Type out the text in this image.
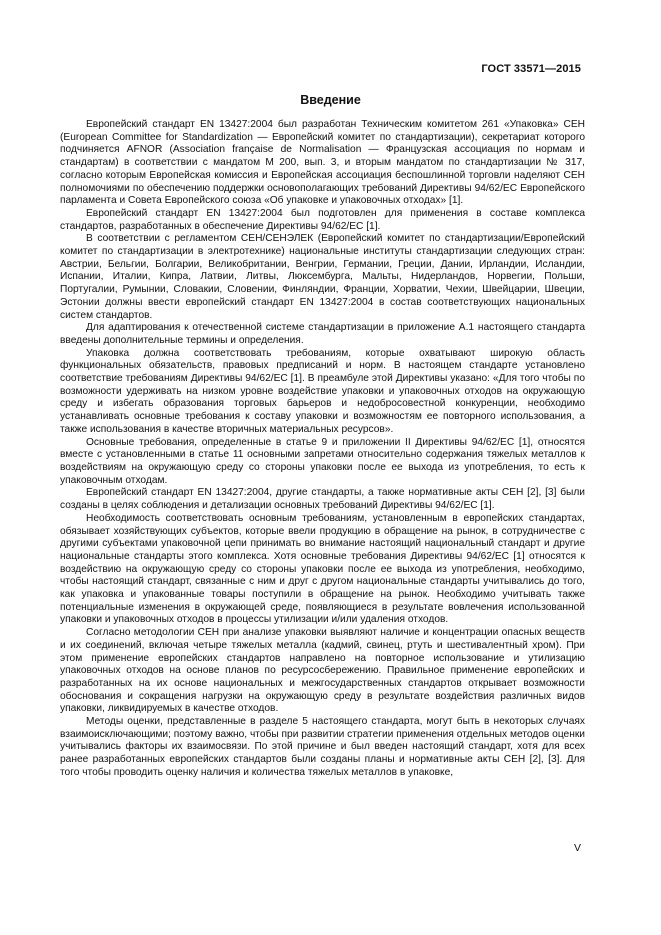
ГОСТ 33571—2015
Введение

Европейский стандарт EN 13427:2004 был разработан Техническим комитетом 261 «Упаковка» CEH (European Committee for Standardization — Европейский комитет по стандартизации), секретариат которого подчиняется AFNOR (Association française de Normalisation — Французская ассоциация по нормам и стандартам) в соответствии с мандатом М 200, вып. 3, и вторым мандатом по стандартизации № 317, согласно которым Европейская комиссия и Европейская ассоциация беспошлинной торговли наделяют CEH полномочиями по обеспечению поддержки основополагающих требований Директивы 94/62/EC Европейского парламента и Совета Европейского союза «Об упаковке и упаковочных отходах» [1].

Европейский стандарт EN 13427:2004 был подготовлен для применения в составе комплекса стандартов, разработанных в обеспечение Директивы 94/62/EC [1].

В соответствии с регламентом CEH/CEHЭЛЕК (Европейский комитет по стандартизации/Европейский комитет по стандартизации в электротехнике) национальные институты стандартизации следующих стран: Австрии, Бельгии, Болгарии, Великобритании, Венгрии, Германии, Греции, Дании, Ирландии, Исландии, Испании, Италии, Кипра, Латвии, Литвы, Люксембурга, Мальты, Нидерландов, Норвегии, Польши, Португалии, Румынии, Словакии, Словении, Финляндии, Франции, Хорватии, Чехии, Швейцарии, Швеции, Эстонии должны ввести европейский стандарт EN 13427:2004 в состав соответствующих национальных систем стандартов.

Для адаптирования к отечественной системе стандартизации в приложение А.1 настоящего стандарта введены дополнительные термины и определения.

Упаковка должна соответствовать требованиям, которые охватывают широкую область функциональных обязательств, правовых предписаний и норм. В настоящем стандарте установлено соответствие требованиям Директивы 94/62/EC [1]. В преамбуле этой Директивы указано: «Для того чтобы по возможности удерживать на низком уровне воздействие упаковки и упаковочных отходов на окружающую среду и избегать образования торговых барьеров и недобросовестной конкуренции, необходимо устанавливать основные требования к составу упаковки и возможностям ее повторного использования, а также использования в качестве вторичных материальных ресурсов».

Основные требования, определенные в статье 9 и приложении II Директивы 94/62/EC [1], относятся вместе с установленными в статье 11 основными запретами относительно содержания тяжелых металлов к воздействиям на окружающую среду со стороны упаковки после ее выхода из употребления, то есть к упаковочным отходам.

Европейский стандарт EN 13427:2004, другие стандарты, а также нормативные акты CEH [2], [3] были созданы в целях соблюдения и детализации основных требований Директивы 94/62/EC [1].

Необходимость соответствовать основным требованиям, установленным в европейских стандартах, обязывает хозяйствующих субъектов, которые ввели продукцию в обращение на рынок, в сотрудничестве с другими субъектами упаковочной цепи принимать во внимание настоящий национальный стандарт и другие национальные стандарты этого комплекса. Хотя основные требования Директивы 94/62/EC [1] относятся к воздействию на окружающую среду со стороны упаковки после ее выхода из употребления, необходимо, чтобы настоящий стандарт, связанные с ним и друг с другом национальные стандарты учитывались до того, как упаковка и упакованные товары поступили в обращение на рынок. Необходимо учитывать также потенциальные изменения в окружающей среде, появляющиеся в результате вовлечения использованной упаковки и упаковочных отходов в процессы утилизации и/или удаления отходов.

Согласно методологии CEH при анализе упаковки выявляют наличие и концентрации опасных веществ и их соединений, включая четыре тяжелых металла (кадмий, свинец, ртуть и шестивалентный хром). При этом применение европейских стандартов направлено на повторное использование и утилизацию упаковочных отходов на основе планов по ресурсосбережению. Правильное применение европейских и разработанных на их основе национальных и межгосударственных стандартов открывает возможности обоснования и сокращения нагрузки на окружающую среду в результате воздействия различных видов упаковки, ликвидируемых в качестве отходов.

Методы оценки, представленные в разделе 5 настоящего стандарта, могут быть в некоторых случаях взаимоисключающими; поэтому важно, чтобы при развитии стратегии применения отдельных методов оценки учитывались факторы их взаимосвязи. По этой причине и был введен настоящий стандарт, хотя для всех ранее разработанных европейских стандартов были созданы планы и нормативные акты CEH [2], [3]. Для того чтобы проводить оценку наличия и количества тяжелых металлов в упаковке,

V
